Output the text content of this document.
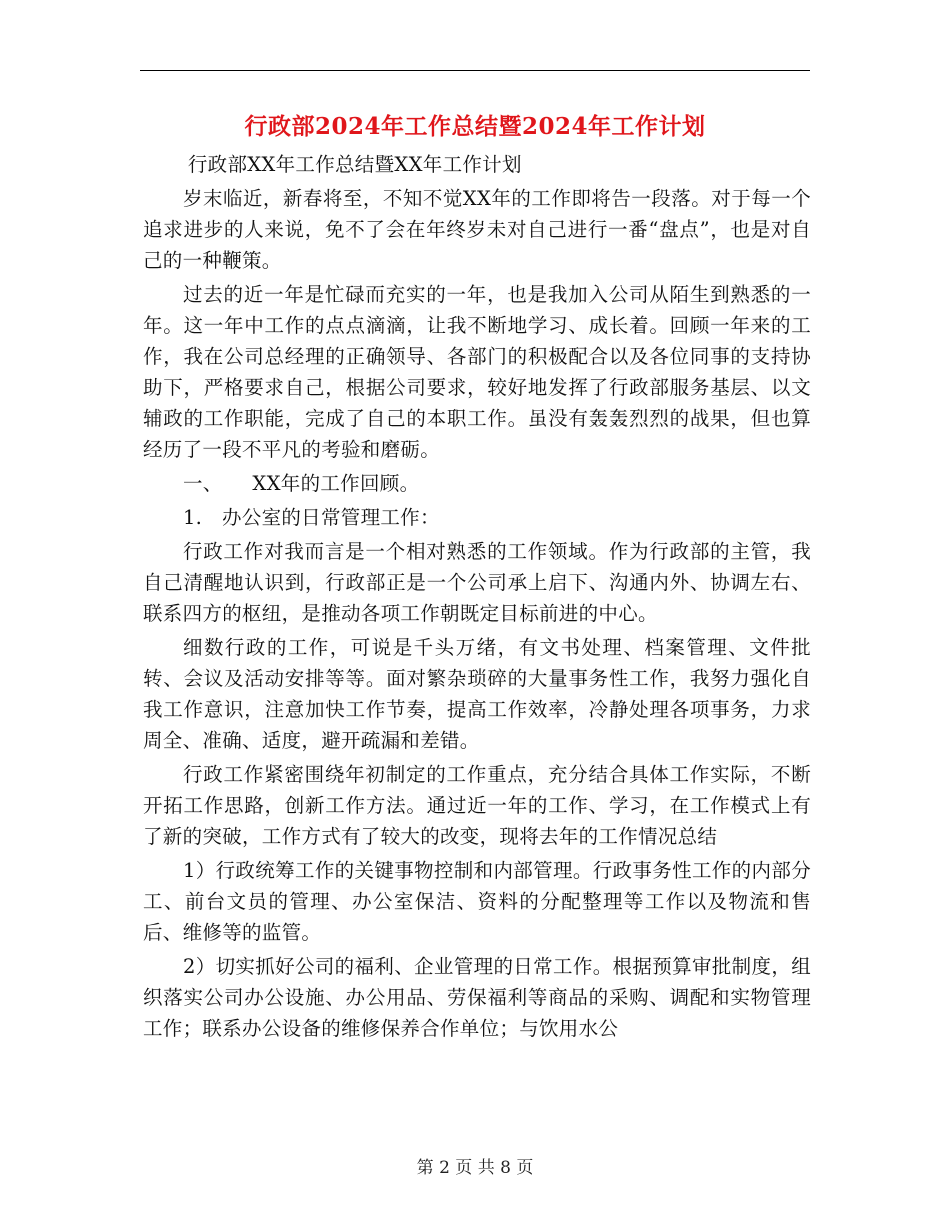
行政部2024年工作总结暨2024年工作计划

行政部XX年工作总结暨XX年工作计划

岁末临近，新春将至，不知不觉XX年的工作即将告一段落。对于每一个追求进步的人来说，免不了会在年终岁未对自己进行一番“盘点”，也是对自己的一种鞭策。

过去的近一年是忙碌而充实的一年，也是我加入公司从陌生到熟悉的一年。这一年中工作的点点滴滴，让我不断地学习、成长着。回顾一年来的工作，我在公司总经理的正确领导、各部门的积极配合以及各位同事的支持协助下，严格要求自己，根据公司要求，较好地发挥了行政部服务基层、以文辅政的工作职能，完成了自己的本职工作。虽没有轰轰烈烈的战果，但也算经历了一段不平凡的考验和磨砺。

一、　　XX年的工作回顾。

1.　办公室的日常管理工作：

行政工作对我而言是一个相对熟悉的工作领域。作为行政部的主管，我自己清醒地认识到，行政部正是一个公司承上启下、沟通内外、协调左右、联系四方的枢纽，是推动各项工作朝既定目标前进的中心。

细数行政的工作，可说是千头万绪，有文书处理、档案管理、文件批转、会议及活动安排等等。面对繁杂琐碎的大量事务性工作，我努力强化自我工作意识，注意加快工作节奏，提高工作效率，冷静处理各项事务，力求周全、准确、适度，避开疏漏和差错。

行政工作紧密围绕年初制定的工作重点，充分结合具体工作实际，不断开拓工作思路，创新工作方法。通过近一年的工作、学习，在工作模式上有了新的突破，工作方式有了较大的改变，现将去年的工作情况总结

1）行政统筹工作的关键事物控制和内部管理。行政事务性工作的内部分工、前台文员的管理、办公室保洁、资料的分配整理等工作以及物流和售后、维修等的监管。

2）切实抓好公司的福利、企业管理的日常工作。根据预算审批制度，组织落实公司办公设施、办公用品、劳保福利等商品的采购、调配和实物管理工作；联系办公设备的维修保养合作单位；与饮用水公

第 2 页 共 8 页
